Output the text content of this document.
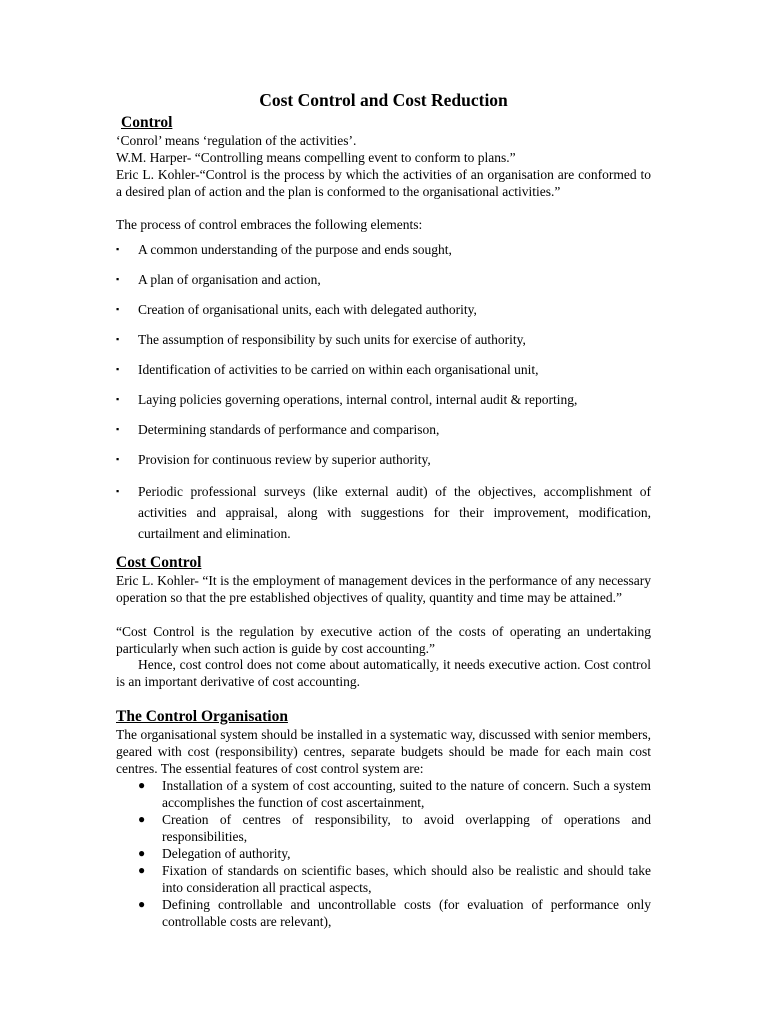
Cost Control and Cost Reduction
Control
‘Conrol’ means ‘regulation of the activities’.
W.M. Harper- “Controlling means compelling event to conform to plans.”
Eric L. Kohler-“Control is the process by which the activities of an organisation are conformed to a desired plan of action and the plan is conformed to the organisational activities.”
The process of control embraces the following elements:
▪ A common understanding of the purpose and ends sought,
▪ A plan of organisation and action,
▪ Creation of organisational units, each with delegated authority,
▪ The assumption of responsibility by such units for exercise of authority,
▪ Identification of activities to be carried on within each organisational unit,
▪ Laying policies governing operations, internal control, internal audit & reporting,
▪ Determining standards of performance and comparison,
▪ Provision for continuous review by superior authority,
▪ Periodic professional surveys (like external audit) of the objectives, accomplishment of activities and appraisal, along with suggestions for their improvement, modification, curtailment and elimination.
Cost Control
Eric L. Kohler- “It is the employment of management devices in the performance of any necessary operation so that the pre established objectives of quality, quantity and time may be attained.”
“Cost Control is the regulation by executive action of the costs of operating an undertaking particularly when such action is guide by cost accounting.”
Hence, cost control does not come about automatically, it needs executive action. Cost control is an important derivative of cost accounting.
The Control Organisation
The organisational system should be installed in a systematic way, discussed with senior members, geared with cost (responsibility) centres, separate budgets should be made for each main cost centres. The essential features of cost control system are:
● Installation of a system of cost accounting, suited to the nature of concern. Such a system accomplishes the function of cost ascertainment,
● Creation of centres of responsibility, to avoid overlapping of operations and responsibilities,
● Delegation of authority,
● Fixation of standards on scientific bases, which should also be realistic and should take into consideration all practical aspects,
● Defining controllable and uncontrollable costs (for evaluation of performance only controllable costs are relevant),
